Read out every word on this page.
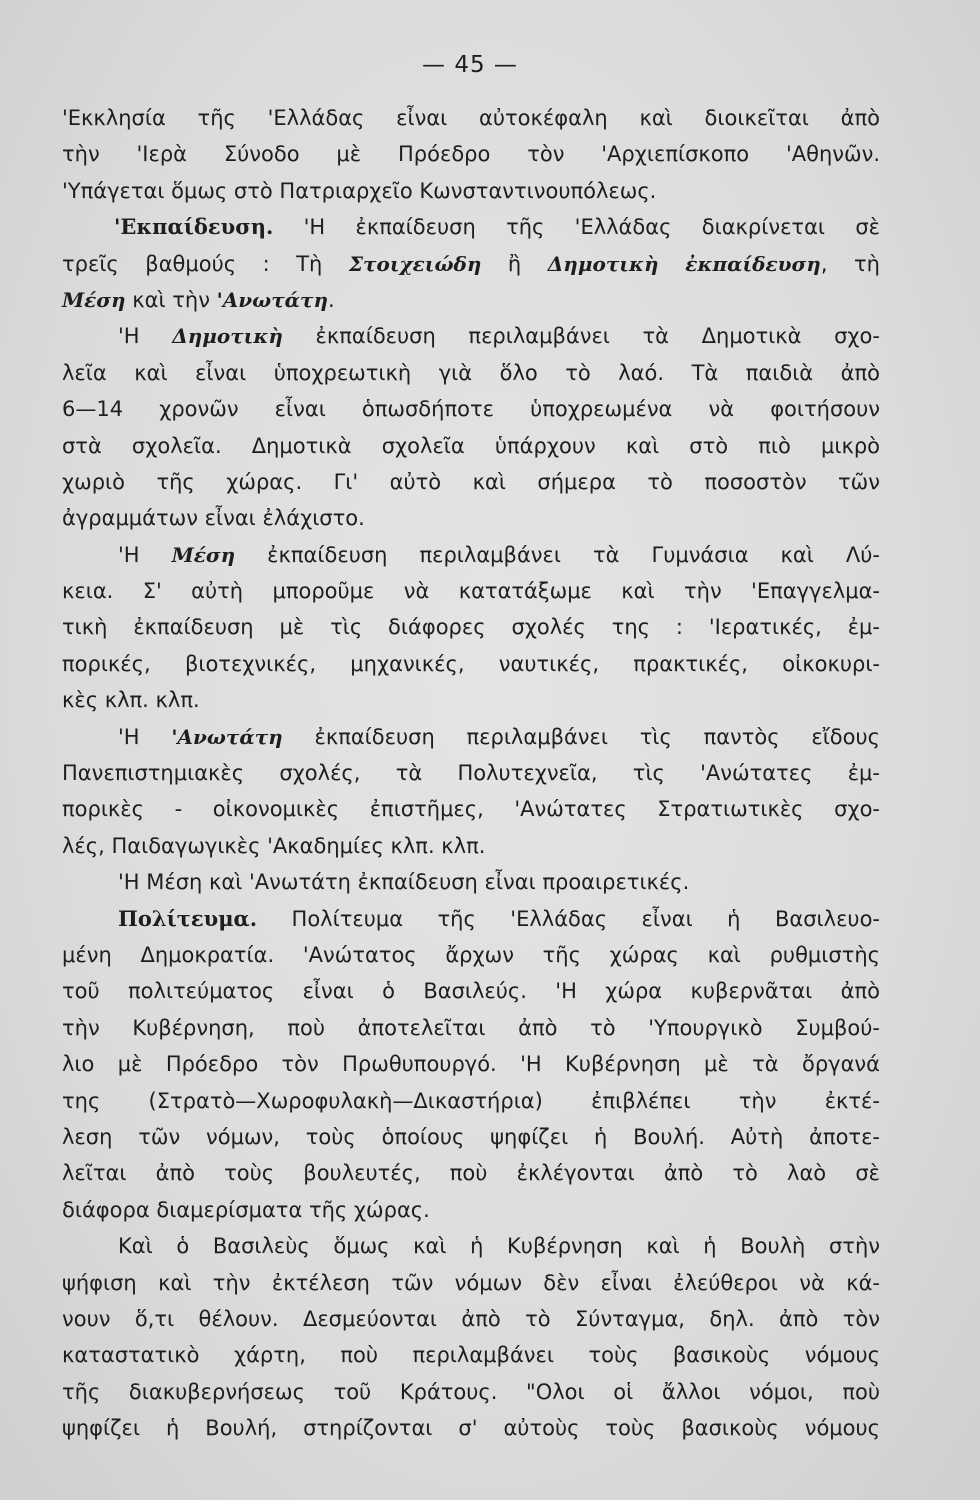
— 45 —
'Εκκλησία τῆς 'Ελλάδας εἶναι αὐτοκέφαλη καὶ διοικεῖται ἀπὸ
τὴν 'Ιερὰ Σύνοδο μὲ Πρόεδρο τὸν 'Αρχιεπίσκοπο 'Αθηνῶν.
'Υπάγεται ὅμως στὸ Πατριαρχεῖο Κωνσταντινουπόλεως.
'Εκπαίδευση. 'Η ἐκπαίδευση τῆς 'Ελλάδας διακρίνεται σὲ
τρεῖς βαθμούς : Τὴ Στοιχειώδη ἢ Δημοτικὴ ἐκπαίδευση, τὴ
Μέση καὶ τὴν 'Ανωτάτη.
'Η Δημοτικὴ ἐκπαίδευση περιλαμβάνει τὰ Δημοτικὰ σχο-
λεῖα καὶ εἶναι ὑποχρεωτικὴ γιὰ ὅλο τὸ λαό. Τὰ παιδιὰ ἀπὸ
6—14 χρονῶν εἶναι ὁπωσδήποτε ὑποχρεωμένα νὰ φοιτήσουν
στὰ σχολεῖα. Δημοτικὰ σχολεῖα ὑπάρχουν καὶ στὸ πιὸ μικρὸ
χωριὸ τῆς χώρας. Γι' αὐτὸ καὶ σήμερα τὸ ποσοστὸν τῶν
ἀγραμμάτων εἶναι ἐλάχιστο.
'Η Μέση ἐκπαίδευση περιλαμβάνει τὰ Γυμνάσια καὶ Λύ-
κεια. Σ' αὐτὴ μποροῦμε νὰ κατατάξωμε καὶ τὴν 'Επαγγελμα-
τικὴ ἐκπαίδευση μὲ τὶς διάφορες σχολές της : 'Ιερατικές, ἐμ-
πορικές, βιοτεχνικές, μηχανικές, ναυτικές, πρακτικές, οἰκοκυρι-
κὲς κλπ. κλπ.
'Η 'Ανωτάτη ἐκπαίδευση περιλαμβάνει τὶς παντὸς εἴδους
Πανεπιστημιακὲς σχολές, τὰ Πολυτεχνεῖα, τὶς 'Ανώτατες ἐμ-
πορικὲς - οἰκονομικὲς ἐπιστῆμες, 'Ανώτατες Στρατιωτικὲς σχο-
λές, Παιδαγωγικὲς 'Ακαδημίες κλπ. κλπ.
'Η Μέση καὶ 'Ανωτάτη ἐκπαίδευση εἶναι προαιρετικές.
Πολίτευμα. Πολίτευμα τῆς 'Ελλάδας εἶναι ἡ Βασιλευο-
μένη Δημοκρατία. 'Ανώτατος ἄρχων τῆς χώρας καὶ ρυθμιστὴς
τοῦ πολιτεύματος εἶναι ὁ Βασιλεύς. 'Η χώρα κυβερνᾶται ἀπὸ
τὴν Κυβέρνηση, ποὺ ἀποτελεῖται ἀπὸ τὸ 'Υπουργικὸ Συμβού-
λιο μὲ Πρόεδρο τὸν Πρωθυπουργό. 'Η Κυβέρνηση μὲ τὰ ὄργανά
της (Στρατὸ—Χωροφυλακὴ—Δικαστήρια) ἐπιβλέπει τὴν ἐκτέ-
λεση τῶν νόμων, τοὺς ὁποίους ψηφίζει ἡ Βουλή. Αὐτὴ ἀποτε-
λεῖται ἀπὸ τοὺς βουλευτές, ποὺ ἐκλέγονται ἀπὸ τὸ λαὸ σὲ
διάφορα διαμερίσματα τῆς χώρας.
Καὶ ὁ Βασιλεὺς ὅμως καὶ ἡ Κυβέρνηση καὶ ἡ Βουλὴ στὴν
ψήφιση καὶ τὴν ἐκτέλεση τῶν νόμων δὲν εἶναι ἐλεύθεροι νὰ κά-
νουν ὅ,τι θέλουν. Δεσμεύονται ἀπὸ τὸ Σύνταγμα, δηλ. ἀπὸ τὸν
καταστατικὸ χάρτη, ποὺ περιλαμβάνει τοὺς βασικοὺς νόμους
τῆς διακυβερνήσεως τοῦ Κράτους. "Ολοι οἱ ἄλλοι νόμοι, ποὺ
ψηφίζει ἡ Βουλή, στηρίζονται σ' αὐτοὺς τοὺς βασικοὺς νόμους
